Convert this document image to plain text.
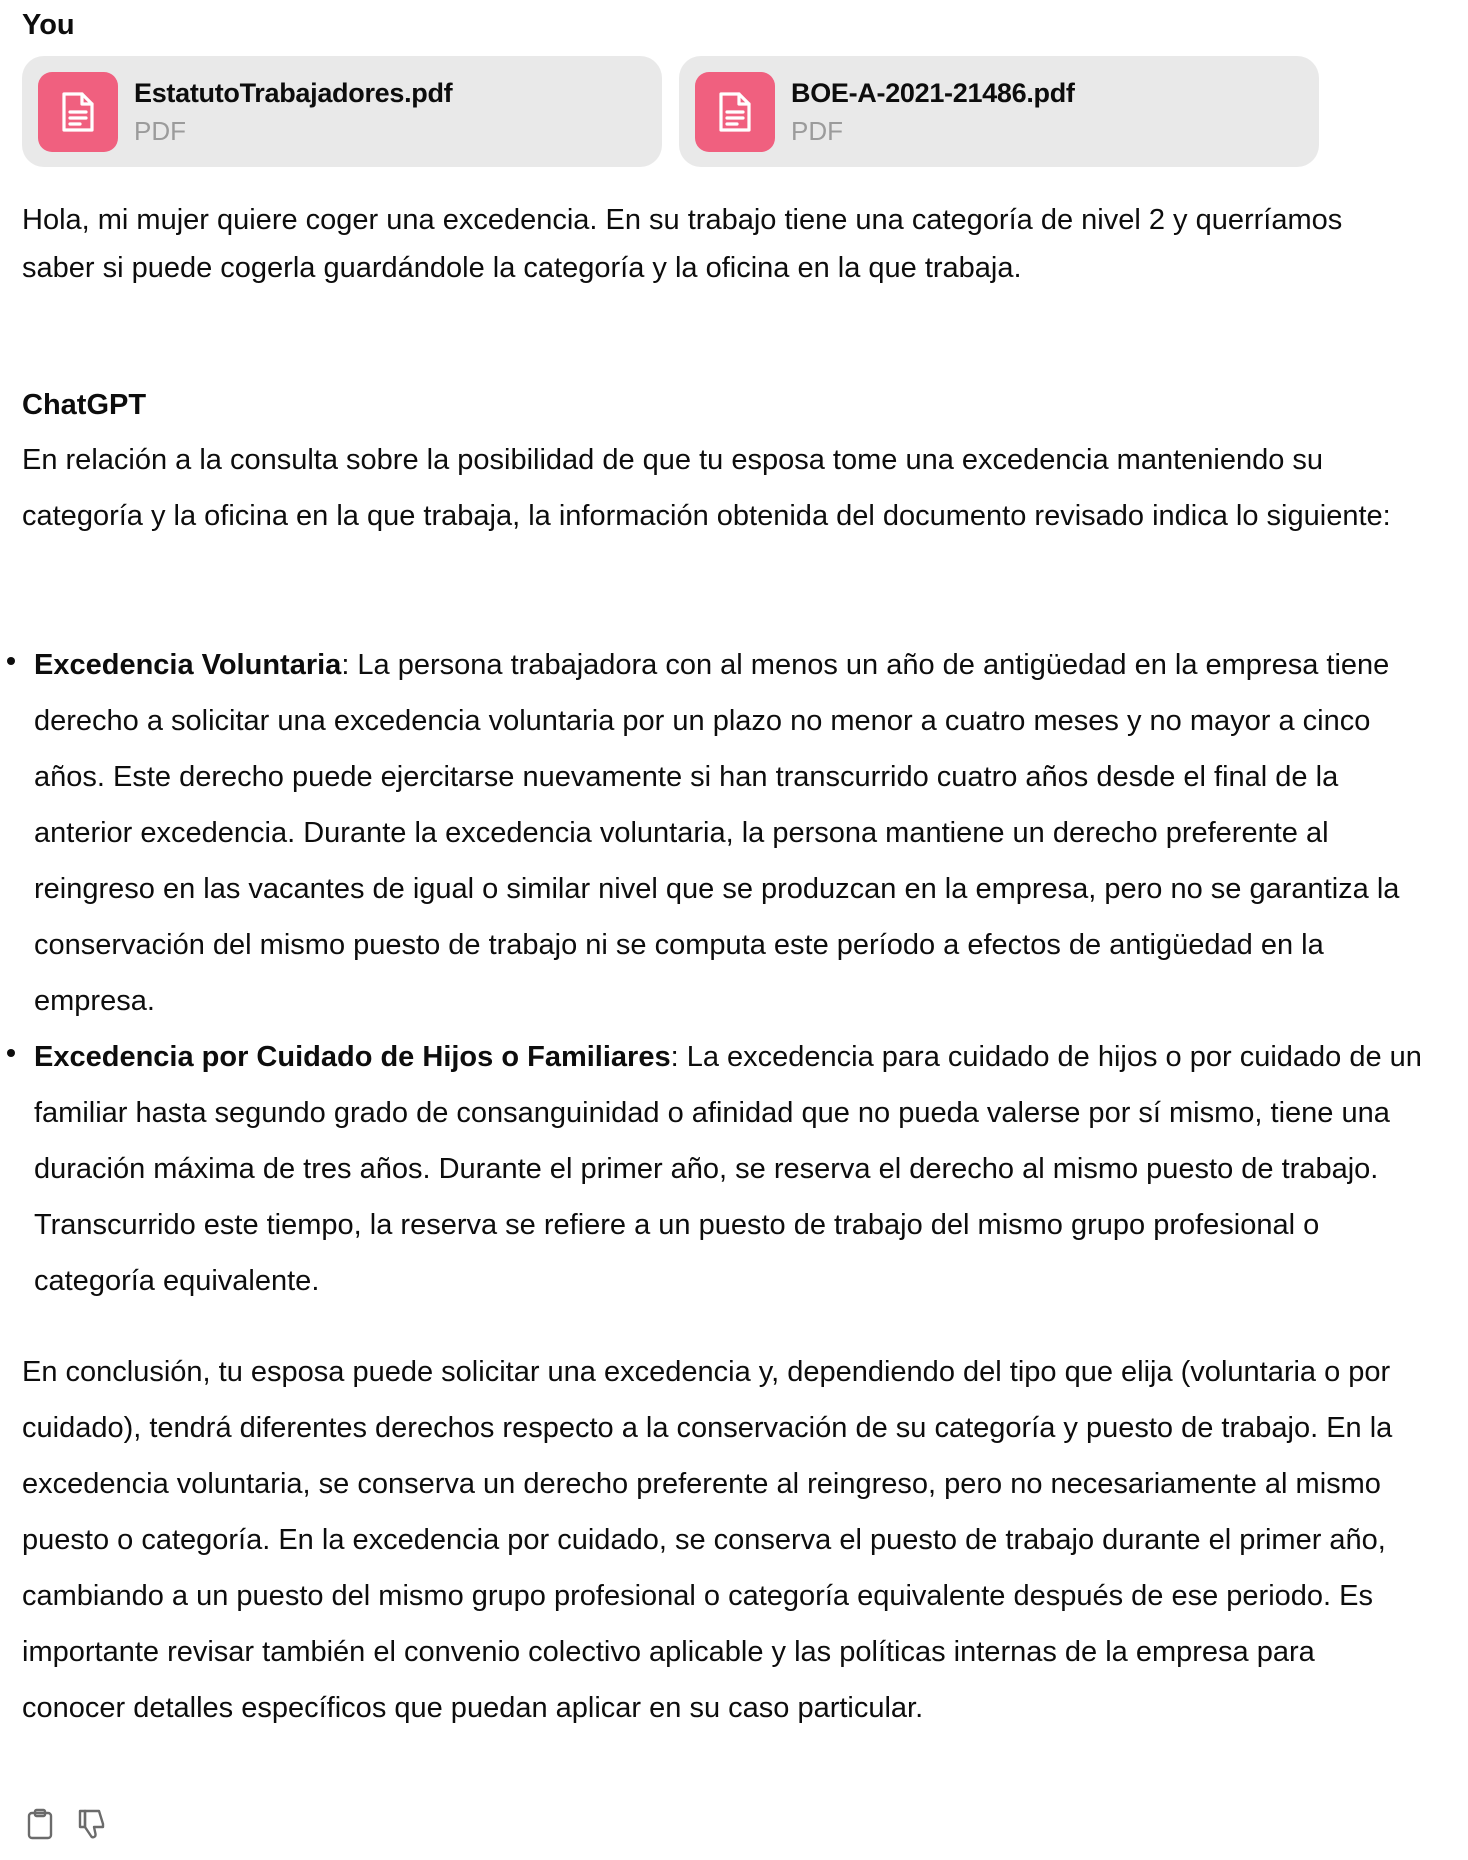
You
EstatutoTrabajadores.pdf
PDF
BOE-A-2021-21486.pdf
PDF

Hola, mi mujer quiere coger una excedencia. En su trabajo tiene una categoría de nivel 2 y querríamos saber si puede cogerla guardándole la categoría y la oficina en la que trabaja.

ChatGPT

En relación a la consulta sobre la posibilidad de que tu esposa tome una excedencia manteniendo su categoría y la oficina en la que trabaja, la información obtenida del documento revisado indica lo siguiente:

Excedencia Voluntaria: La persona trabajadora con al menos un año de antigüedad en la empresa tiene derecho a solicitar una excedencia voluntaria por un plazo no menor a cuatro meses y no mayor a cinco años. Este derecho puede ejercitarse nuevamente si han transcurrido cuatro años desde el final de la anterior excedencia. Durante la excedencia voluntaria, la persona mantiene un derecho preferente al reingreso en las vacantes de igual o similar nivel que se produzcan en la empresa, pero no se garantiza la conservación del mismo puesto de trabajo ni se computa este período a efectos de antigüedad en la empresa.
Excedencia por Cuidado de Hijos o Familiares: La excedencia para cuidado de hijos o por cuidado de un familiar hasta segundo grado de consanguinidad o afinidad que no pueda valerse por sí mismo, tiene una duración máxima de tres años. Durante el primer año, se reserva el derecho al mismo puesto de trabajo. Transcurrido este tiempo, la reserva se refiere a un puesto de trabajo del mismo grupo profesional o categoría equivalente.

En conclusión, tu esposa puede solicitar una excedencia y, dependiendo del tipo que elija (voluntaria o por cuidado), tendrá diferentes derechos respecto a la conservación de su categoría y puesto de trabajo. En la excedencia voluntaria, se conserva un derecho preferente al reingreso, pero no necesariamente al mismo puesto o categoría. En la excedencia por cuidado, se conserva el puesto de trabajo durante el primer año, cambiando a un puesto del mismo grupo profesional o categoría equivalente después de ese periodo. Es importante revisar también el convenio colectivo aplicable y las políticas internas de la empresa para conocer detalles específicos que puedan aplicar en su caso particular.
